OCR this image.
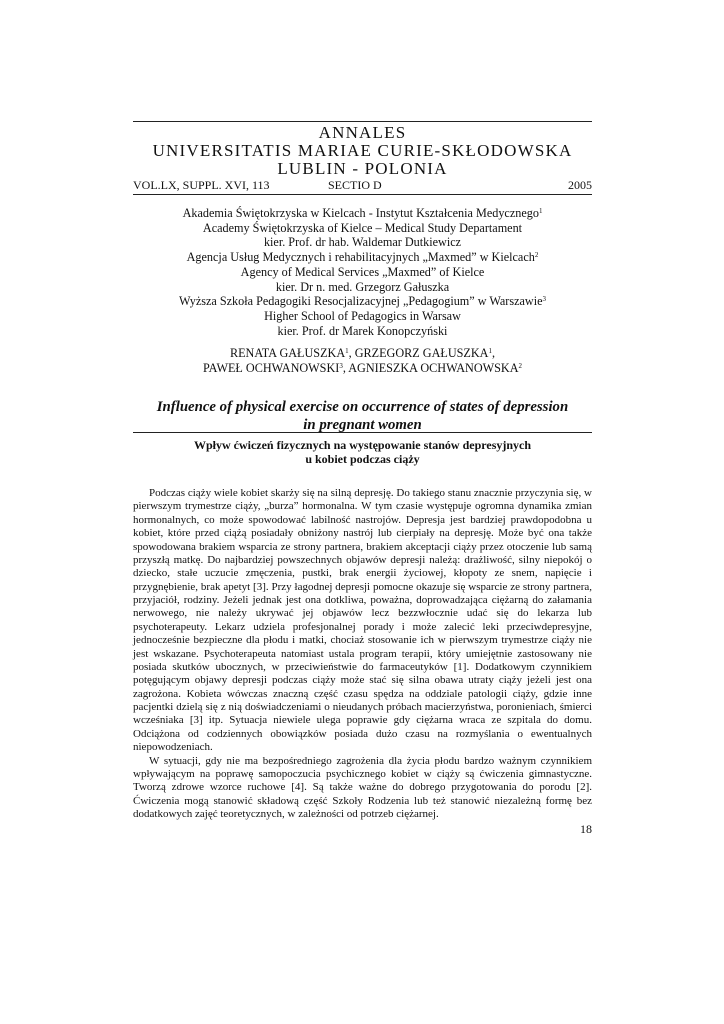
ANNALES
UNIVERSITATIS MARIAE CURIE-SKŁODOWSKA
LUBLIN - POLONIA
VOL.LX, SUPPL. XVI, 113	SECTIO D	2005
Akademia Świętokrzyska w Kielcach - Instytut Kształcenia Medycznego$^1$
Academy Świętokrzyska of Kielce – Medical Study Departament
kier. Prof. dr hab. Waldemar Dutkiewicz
Agencja Usług Medycznych i rehabilitacyjnych „Maxmed” w Kielcach$^2$
Agency of Medical Services „Maxmed” of Kielce
kier. Dr n. med. Grzegorz Gałuszka
Wyższa Szkoła Pedagogiki Resocjalizacyjnej „Pedagogium” w Warszawie$^3$
Higher School of Pedagogics in Warsaw
kier. Prof. dr Marek Konopczyński
RENATA GAŁUSZKA$^1$, GRZEGORZ GAŁUSZKA$^1$,
PAWEŁ OCHWANOWSKI$^3$, AGNIESZKA OCHWANOWSKA$^2$
Influence of physical exercise on occurrence of states of depression
in pregnant women
Wpływ ćwiczeń fizycznych na występowanie stanów depresyjnych
u kobiet podczas ciąży

Podczas ciąży wiele kobiet skarży się na silną depresję. Do takiego stanu znacznie przyczynia się, w pierwszym trymestrze ciąży, „burza” hormonalna. W tym czasie występuje ogromna dynamika zmian hormonalnych, co może spowodować labilność nastrojów. Depresja jest bardziej prawdopodobna u kobiet, które przed ciążą posiadały obniżony nastrój lub cierpiały na depresję. Może być ona także spowodowana brakiem wsparcia ze strony partnera, brakiem akceptacji ciąży przez otoczenie lub samą przyszłą matkę. Do najbardziej powszechnych objawów depresji należą: drażliwość, silny niepokój o dziecko, stałe uczucie zmęczenia, pustki, brak energii życiowej, kłopoty ze snem, napięcie i przygnębienie, brak apetyt [3]. Przy łagodnej depresji pomocne okazuje się wsparcie ze strony partnera, przyjaciół, rodziny. Jeżeli jednak jest ona dotkliwa, poważna, doprowadzająca ciężarną do załamania nerwowego, nie należy ukrywać jej objawów lecz bezzwłocznie udać się do lekarza lub psychoterapeuty. Lekarz udziela profesjonalnej porady i może zalecić leki przeciwdepresyjne, jednocześnie bezpieczne dla płodu i matki, chociaż stosowanie ich w pierwszym trymestrze ciąży nie jest wskazane. Psychoterapeuta natomiast ustala program terapii, który umiejętnie zastosowany nie posiada skutków ubocznych, w przeciwieństwie do farmaceutyków [1]. Dodatkowym czynnikiem potęgującym objawy depresji podczas ciąży może stać się silna obawa utraty ciąży jeżeli jest ona zagrożona. Kobieta wówczas znaczną część czasu spędza na oddziale patologii ciąży, gdzie inne pacjentki dzielą się z nią doświadczeniami o nieudanych próbach macierzyństwa, poronieniach, śmierci wcześniaka [3] itp. Sytuacja niewiele ulega poprawie gdy ciężarna wraca ze szpitala do domu. Odciążona od codziennych obowiązków posiada dużo czasu na rozmyślania o ewentualnych niepowodzeniach.

W sytuacji, gdy nie ma bezpośredniego zagrożenia dla życia płodu bardzo ważnym czynnikiem wpływającym na poprawę samopoczucia psychicznego kobiet w ciąży są ćwiczenia gimnastyczne. Tworzą zdrowe wzorce ruchowe [4]. Są także ważne do dobrego przygotowania do porodu [2]. Ćwiczenia mogą stanowić składową część Szkoły Rodzenia lub też stanowić niezależną formę bez dodatkowych zajęć teoretycznych, w zależności od potrzeb ciężarnej.

18
